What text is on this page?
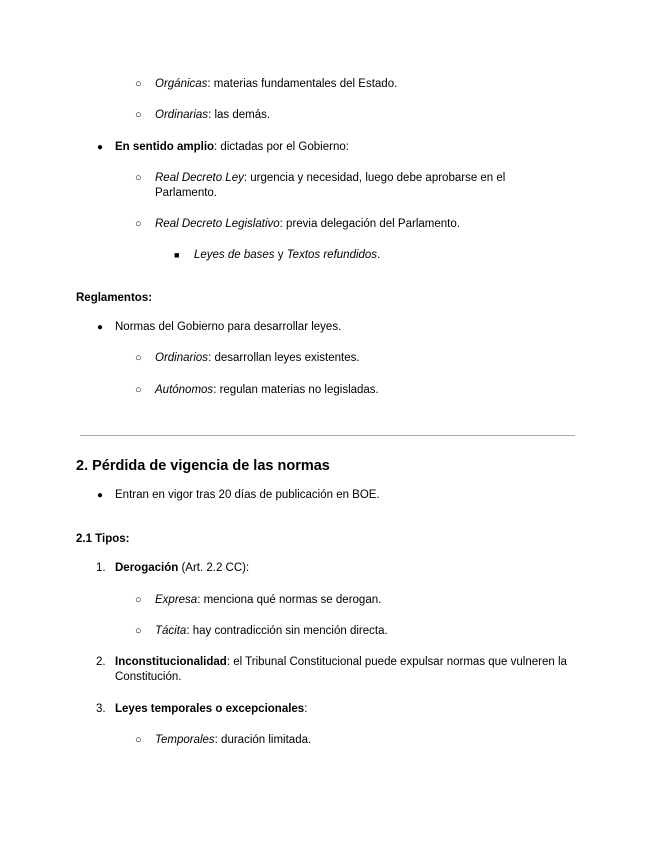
○ Orgánicas: materias fundamentales del Estado.
○ Ordinarias: las demás.
● En sentido amplio: dictadas por el Gobierno:
○ Real Decreto Ley: urgencia y necesidad, luego debe aprobarse en el Parlamento.
○ Real Decreto Legislativo: previa delegación del Parlamento.
■ Leyes de bases y Textos refundidos.
Reglamentos:
● Normas del Gobierno para desarrollar leyes.
○ Ordinarios: desarrollan leyes existentes.
○ Autónomos: regulan materias no legisladas.
2. Pérdida de vigencia de las normas
● Entran en vigor tras 20 días de publicación en BOE.
2.1 Tipos:
1. Derogación (Art. 2.2 CC):
○ Expresa: menciona qué normas se derogan.
○ Tácita: hay contradicción sin mención directa.
2. Inconstitucionalidad: el Tribunal Constitucional puede expulsar normas que vulneren la Constitución.
3. Leyes temporales o excepcionales:
○ Temporales: duración limitada.
